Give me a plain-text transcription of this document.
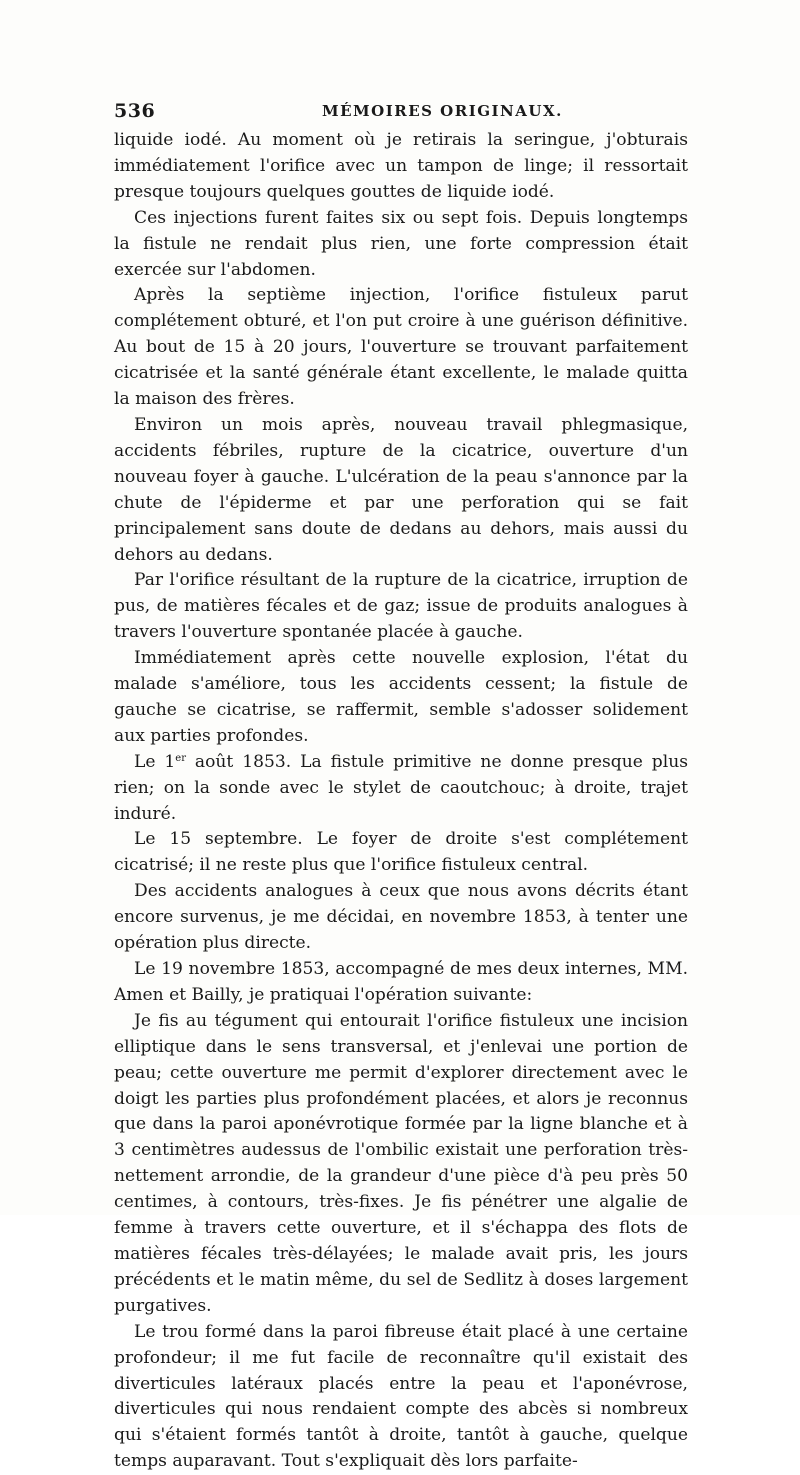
536	MÉMOIRES ORIGINAUX.

liquide iodé. Au moment où je retirais la seringue, j'obturais immédiatement l'orifice avec un tampon de linge; il ressortait presque toujours quelques gouttes de liquide iodé.

Ces injections furent faites six ou sept fois. Depuis longtemps la fistule ne rendait plus rien, une forte compression était exercée sur l'abdomen.

Après la septième injection, l'orifice fistuleux parut complétement obturé, et l'on put croire à une guérison définitive. Au bout de 15 à 20 jours, l'ouverture se trouvant parfaitement cicatrisée et la santé générale étant excellente, le malade quitta la maison des frères.

Environ un mois après, nouveau travail phlegmasique, accidents fébriles, rupture de la cicatrice, ouverture d'un nouveau foyer à gauche. L'ulcération de la peau s'annonce par la chute de l'épiderme et par une perforation qui se fait principalement sans doute de dedans au dehors, mais aussi du dehors au dedans.

Par l'orifice résultant de la rupture de la cicatrice, irruption de pus, de matières fécales et de gaz; issue de produits analogues à travers l'ouverture spontanée placée à gauche.

Immédiatement après cette nouvelle explosion, l'état du malade s'améliore, tous les accidents cessent; la fistule de gauche se cicatrise, se raffermit, semble s'adosser solidement aux parties profondes.

Le 1er août 1853. La fistule primitive ne donne presque plus rien; on la sonde avec le stylet de caoutchouc; à droite, trajet induré.

Le 15 septembre. Le foyer de droite s'est complétement cicatrisé; il ne reste plus que l'orifice fistuleux central.

Des accidents analogues à ceux que nous avons décrits étant encore survenus, je me décidai, en novembre 1853, à tenter une opération plus directe.

Le 19 novembre 1853, accompagné de mes deux internes, MM. Amen et Bailly, je pratiquai l'opération suivante:

Je fis au tégument qui entourait l'orifice fistuleux une incision elliptique dans le sens transversal, et j'enlevai une portion de peau; cette ouverture me permit d'explorer directement avec le doigt les parties plus profondément placées, et alors je reconnus que dans la paroi aponévrotique formée par la ligne blanche et à 3 centimètres audessus de l'ombilic existait une perforation très-nettement arrondie, de la grandeur d'une pièce d'à peu près 50 centimes, à contours, très-fixes. Je fis pénétrer une algalie de femme à travers cette ouverture, et il s'échappa des flots de matières fécales très-délayées; le malade avait pris, les jours précédents et le matin même, du sel de Sedlitz à doses largement purgatives.

Le trou formé dans la paroi fibreuse était placé à une certaine profondeur; il me fut facile de reconnaître qu'il existait des diverticules latéraux placés entre la peau et l'aponévrose, diverticules qui nous rendaient compte des abcès si nombreux qui s'étaient formés tantôt à droite, tantôt à gauche, quelque temps auparavant. Tout s'expliquait dès lors parfaite-
